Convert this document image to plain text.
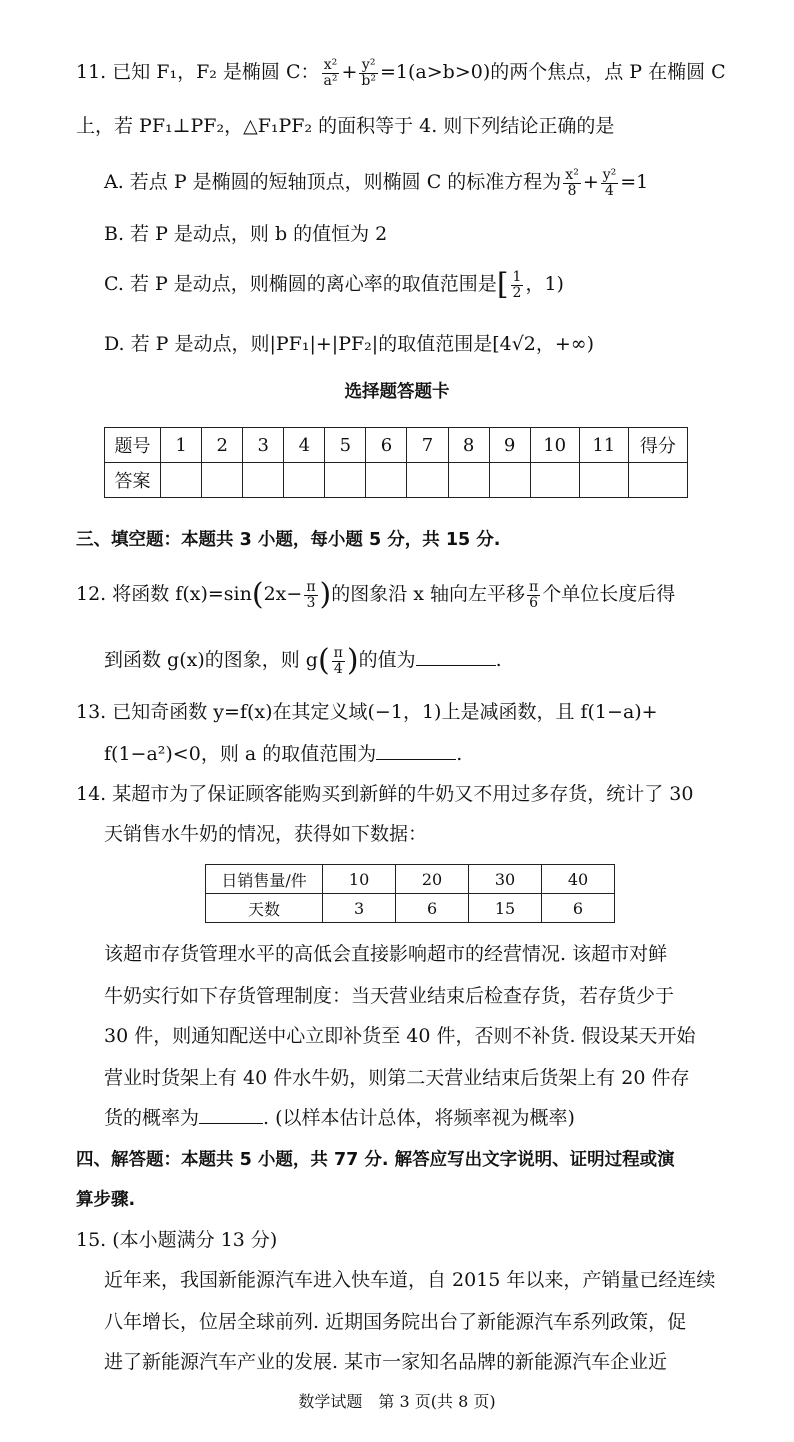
11. 已知 F₁，F₂ 是椭圆 C： $\frac{\text{x²}}{\text{a²}} + \frac{\text{y²}}{\text{b²}} =1(a>b>0)$的两个焦点，点 P 在椭圆 C
上，若 PF₁⊥PF₂，△F₁PF₂ 的面积等于 4. 则下列结论正确的是
A. 若点 P 是椭圆的短轴顶点，则椭圆 C 的标准方程为 $\frac{\text{x²}}{8} + \frac{\text{y²}}{4} =1$
B. 若 P 是动点，则 b 的值恒为 2
C. 若 P 是动点，则椭圆的离心率的取值范围是[ $\frac{1}{2}$ ，1)
D. 若 P 是动点，则|PF₁|+|PF₂|的取值范围是[4√2，+∞)
选择题答题卡
题号	1	2	3	4	5	6	7	8	9	10	11	得分
答案												
三、填空题：本题共 3 小题，每小题 5 分，共 15 分.
12. 将函数 $f(x)=\sin(2x- \frac{\pi}{3}$ )的图象沿 x 轴向左平移 $\frac{\pi}{6}$ 个单位长度后得
到函数 g(x)的图象，则 $g( \frac{\pi}{4}$ )的值为	.
13. 已知奇函数 y=f(x)在其定义域(−1，1)上是减函数，且 f(1−a)+
f(1−a²)<0，则 a 的取值范围为	.
14. 某超市为了保证顾客能购买到新鲜的牛奶又不用过多存货，统计了 30
天销售水牛奶的情况，获得如下数据：
日销售量/件	10	20	30	40
天数	3	6	15	6
该超市存货管理水平的高低会直接影响超市的经营情况. 该超市对鲜
牛奶实行如下存货管理制度：当天营业结束后检查存货，若存货少于
30 件，则通知配送中心立即补货至 40 件，否则不补货. 假设某天开始
营业时货架上有 40 件水牛奶，则第二天营业结束后货架上有 20 件存
货的概率为	. (以样本估计总体，将频率视为概率)
四、解答题：本题共 5 小题，共 77 分. 解答应写出文字说明、证明过程或演
算步骤.
15. (本小题满分 13 分)
近年来，我国新能源汽车进入快车道，自 2015 年以来，产销量已经连续
八年增长，位居全球前列. 近期国务院出台了新能源汽车系列政策，促
进了新能源汽车产业的发展. 某市一家知名品牌的新能源汽车企业近
数学试题　第 3 页(共 8 页)
